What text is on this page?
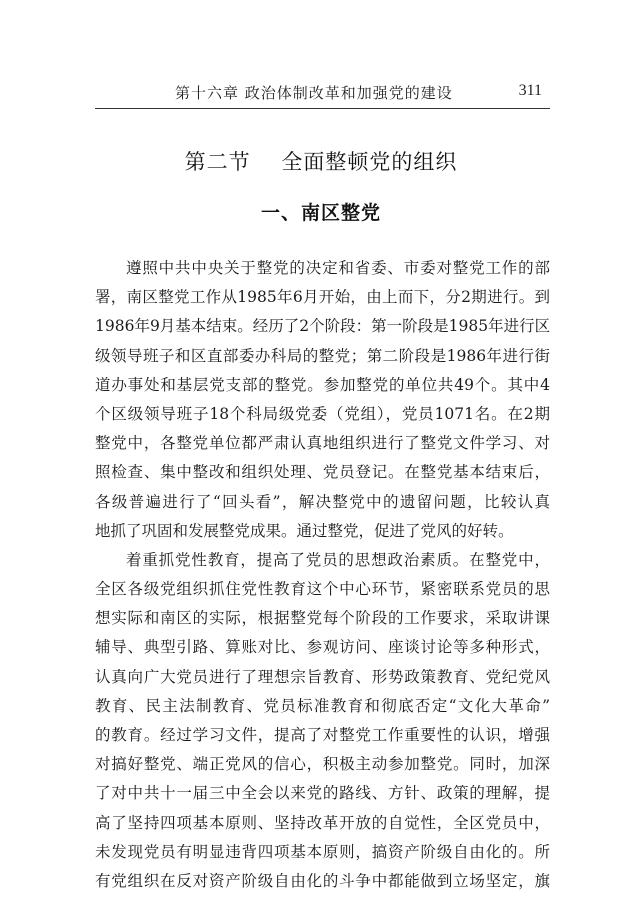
第十六章 政治体制改革和加强党的建设	311
第二节    全面整顿党的组织
一、南区整党
遵照中共中央关于整党的决定和省委、市委对整党工作的部
署，南区整党工作从1985年6月开始，由上而下，分2期进行。到
1986年9月基本结束。经历了2个阶段：第一阶段是1985年进行区
级领导班子和区直部委办科局的整党；第二阶段是1986年进行街
道办事处和基层党支部的整党。参加整党的单位共49个。其中4
个区级领导班子18个科局级党委（党组），党员1071名。在2期
整党中，各整党单位都严肃认真地组织进行了整党文件学习、对
照检查、集中整改和组织处理、党员登记。在整党基本结束后，
各级普遍进行了“回头看”，解决整党中的遗留问题，比较认真
地抓了巩固和发展整党成果。通过整党，促进了党风的好转。
着重抓党性教育，提高了党员的思想政治素质。在整党中，
全区各级党组织抓住党性教育这个中心环节，紧密联系党员的思
想实际和南区的实际，根据整党每个阶段的工作要求，采取讲课
辅导、典型引路、算账对比、参观访问、座谈讨论等多种形式，
认真向广大党员进行了理想宗旨教育、形势政策教育、党纪党风
教育、民主法制教育、党员标准教育和彻底否定“文化大革命”
的教育。经过学习文件，提高了对整党工作重要性的认识，增强
对搞好整党、端正党风的信心，积极主动参加整党。同时，加深
了对中共十一届三中全会以来党的路线、方针、政策的理解，提
高了坚持四项基本原则、坚持改革开放的自觉性，全区党员中，
未发现党员有明显违背四项基本原则，搞资产阶级自由化的。所
有党组织在反对资产阶级自由化的斗争中都能做到立场坚定，旗
